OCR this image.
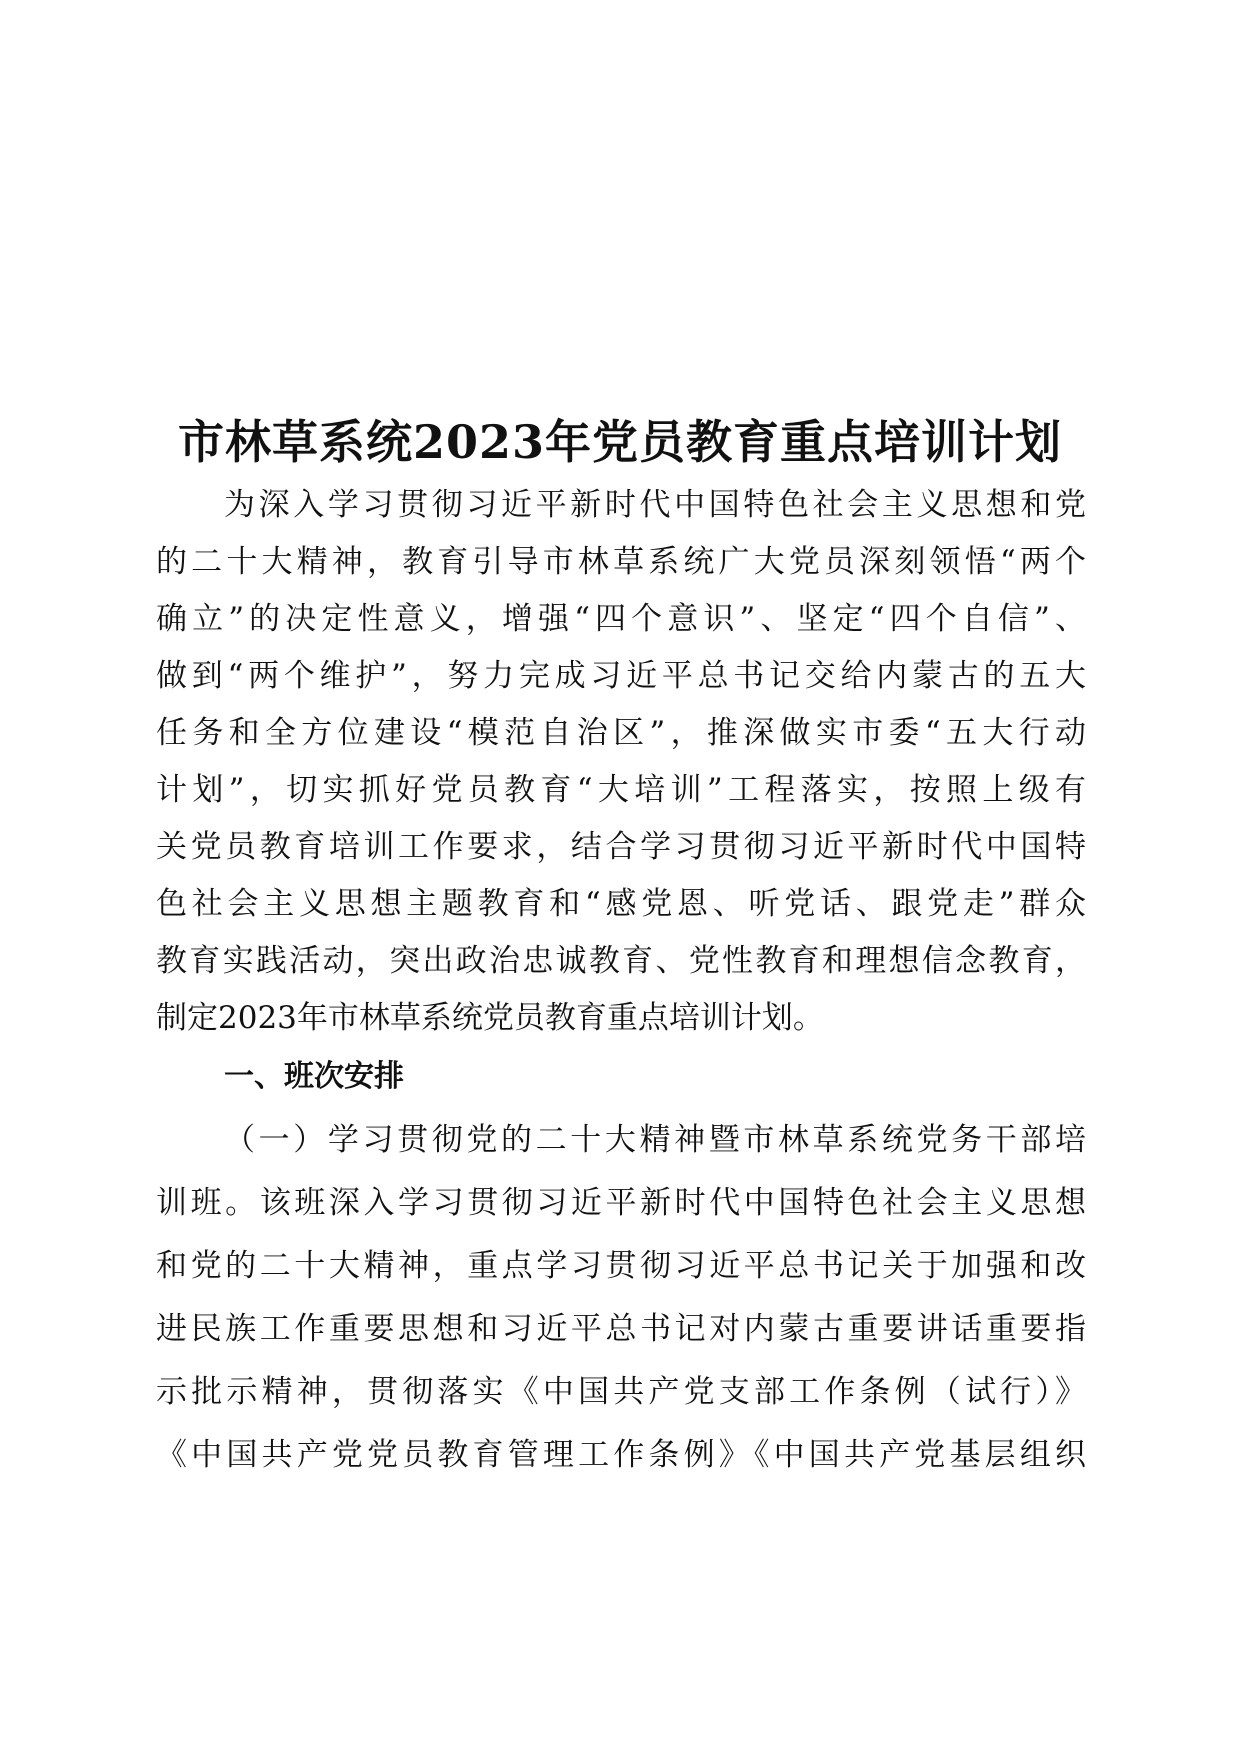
市林草系统2023年党员教育重点培训计划

为深入学习贯彻习近平新时代中国特色社会主义思想和党

的二十大精神，教育引导市林草系统广大党员深刻领悟“两个

确立”的决定性意义，增强“四个意识”、坚定“四个自信”、

做到“两个维护”，努力完成习近平总书记交给内蒙古的五大

任务和全方位建设“模范自治区”，推深做实市委“五大行动

计划”，切实抓好党员教育“大培训”工程落实，按照上级有

关党员教育培训工作要求，结合学习贯彻习近平新时代中国特

色社会主义思想主题教育和“感党恩、听党话、跟党走”群众

教育实践活动，突出政治忠诚教育、党性教育和理想信念教育，

制定2023年市林草系统党员教育重点培训计划。

一、班次安排

（一）学习贯彻党的二十大精神暨市林草系统党务干部培

训班。该班深入学习贯彻习近平新时代中国特色社会主义思想

和党的二十大精神，重点学习贯彻习近平总书记关于加强和改

进民族工作重要思想和习近平总书记对内蒙古重要讲话重要指

示批示精神，贯彻落实《中国共产党支部工作条例（试行）》

《中国共产党党员教育管理工作条例》《中国共产党基层组织
